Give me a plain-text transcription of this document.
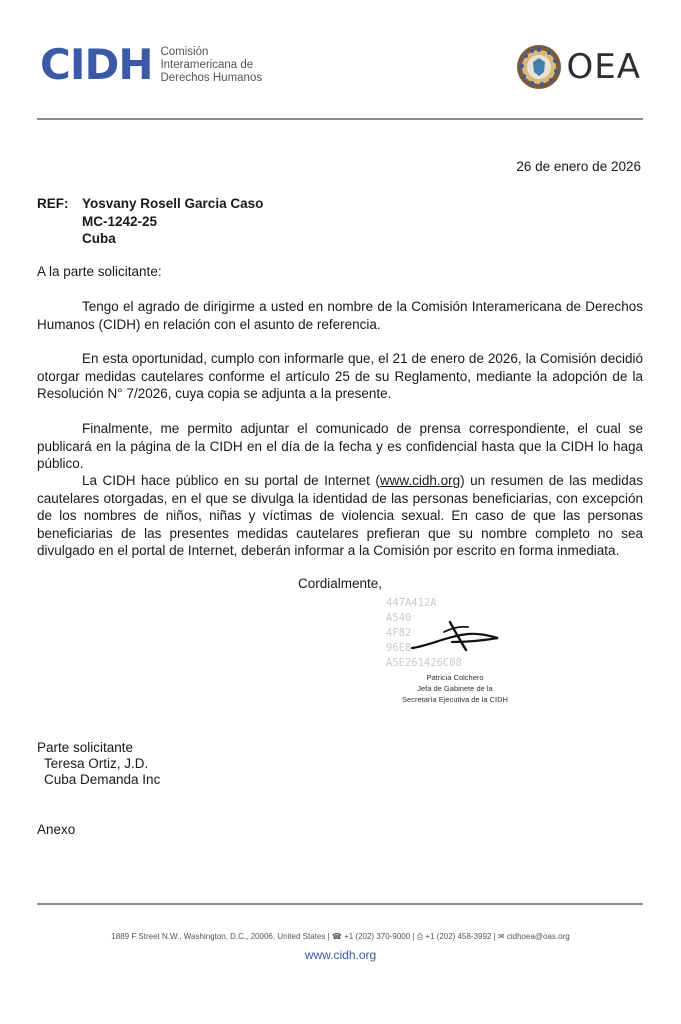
CIDH Comisión
Interamericana de
Derechos Humanos	OEA
26 de enero de 2026
REF: Yosvany Rosell Garcia Caso
MC-1242-25
Cuba
A la parte solicitante:
Tengo el agrado de dirigirme a usted en nombre de la Comisión Interamericana de Derechos Humanos (CIDH) en relación con el asunto de referencia.
En esta oportunidad, cumplo con informarle que, el 21 de enero de 2026, la Comisión decidió otorgar medidas cautelares conforme el artículo 25 de su Reglamento, mediante la adopción de la Resolución N° 7/2026, cuya copia se adjunta a la presente.
Finalmente, me permito adjuntar el comunicado de prensa correspondiente, el cual se publicará en la página de la CIDH en el día de la fecha y es confidencial hasta que la CIDH lo haga público.
La CIDH hace público en su portal de Internet (www.cidh.org) un resumen de las medidas cautelares otorgadas, en el que se divulga la identidad de las personas beneficiarias, con excepción de los nombres de niños, niñas y víctimas de violencia sexual. En caso de que las personas beneficiarias de las presentes medidas cautelares prefieran que su nombre completo no sea divulgado en el portal de Internet, deberán informar a la Comisión por escrito en forma inmediata.
Cordialmente,
447A412A
A540
4F82
96E8
A5E261426C08
Patricia Colchero
Jefa de Gabinete de la
Secretaría Ejecutiva de la CIDH
Parte solicitante
Teresa Ortiz, J.D.
Cuba Demanda Inc
Anexo
1889 F Street N.W., Washington, D.C., 20006, United States | ☎ +1 (202) 370-9000 | ⎙ +1 (202) 458-3992 | ✉ cidhoea@oas.org
www.cidh.org
